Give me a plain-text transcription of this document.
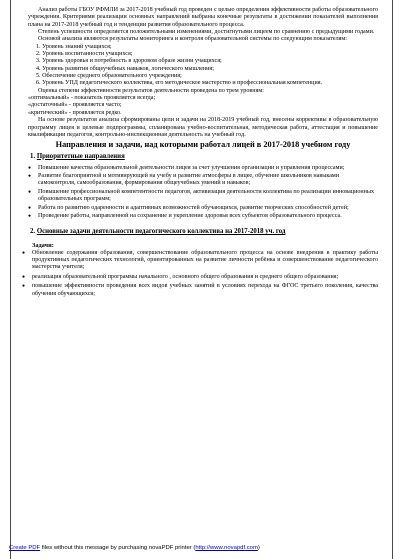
Анализ работы ГБОУ РФМЛИ за 2017-2018 учебный год проведен с целью определения эффективности работы образовательного учреждения. Критериями реализации основных направлений выбраны конечные результаты в достижении показателей выполнения плана на 2017-2018 учебный год и тенденции развития образовательного процесса.

Степень успешности определяется положительными изменениями, достигнутыми лицеем по сравнению с предыдущими годами.

Основой анализа являются результаты мониторинга и контроля образовательной системы по следующим показателям:

1. Уровень знаний учащихся;
2. Уровень воспитанности учащихся;
3. Уровень здоровья и потребность в здоровом образе жизни учащихся;
4. Уровень развития общеучебных навыков, логического мышления;
5. Обеспечение среднего образовательного учреждения;
6. Уровень УПД педагогического коллектива, его методическое мастерство и профессиональная компетенция.

Оценка степени эффективности результатов деятельности проведена по трем уровням:

«оптимальный» - показатель проявляется всегда;

«достаточный» - проявляется часто;

«критический» - проявляется редко.

На основе результатов анализа сформированы цели и задачи на 2018-2019 учебный год, внесены коррективы в образовательную программу лицея и целевые подпрограммы, спланирована учебно-воспитательная, методическая работа, аттестация и повышение квалификации педагогов, контрольно-инспекционная деятельность на учебный год.

Направления и задачи, над которыми работал лицей в 2017-2018 учебном году

1. Приоритетные направления

●	Повышение качества образовательной деятельности лицея за счет улучшения организации и управления процессами;
●	Развитие благоприятной и мотивирующей на учебу и развитие атмосферы в лицее, обучение школьников навыками самоконтроля, самообразования, формирования общеучебных умений и навыков;
●	Повышение профессиональной компетентности педагогов, активизация деятельности коллектива по реализации инновационных образовательных программ;
●	Работа по развитию одаренности и адаптивных возможностей обучающихся, развитие творческих способностей детей;
●	Проведение работы, направленной на сохранение и укрепление здоровья всех субъектов образовательного процесса.

2. Основные задачи деятельности педагогического коллектива на 2017-2018 уч. год

Задачи:

●	Обновление содержания образования, совершенствование образовательного процесса на основе внедрения в практику работы продуктивных педагогических технологий, ориентированных на развитие личности ребёнка и совершенствование педагогического мастерства учителя;
●	реализация образовательной программы начального , основного общего образования и среднего общего образования;
●	повышение эффективности проведения всех видов учебных занятий в условиях перехода на ФГОС третьего поколения, качества обучения обучающихся;
Create PDF files without this message by purchasing novaPDF printer (http://www.novapdf.com)
